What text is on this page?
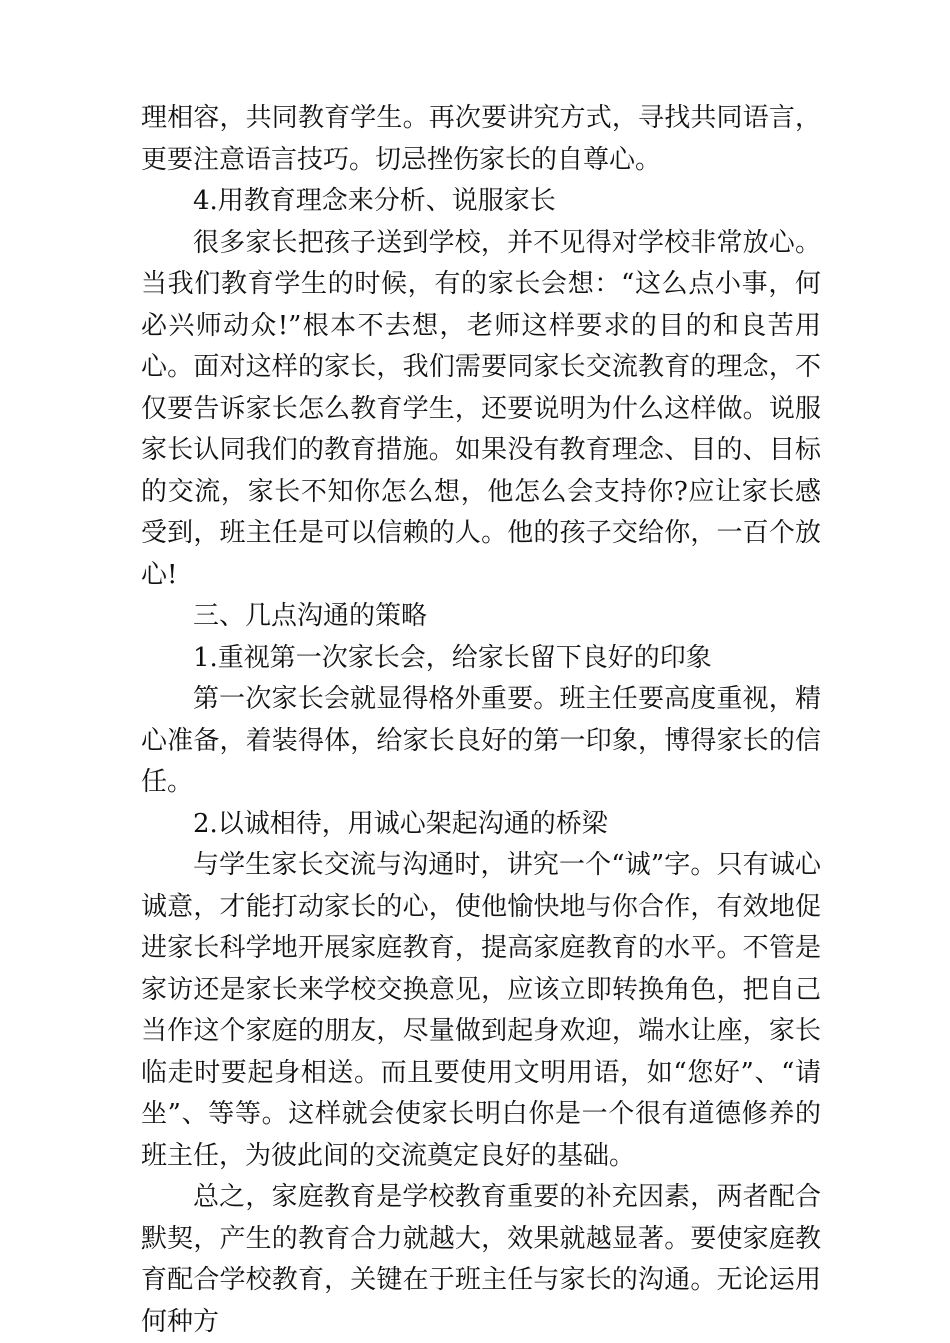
理相容，共同教育学生。再次要讲究方式，寻找共同语言，更要注意语言技巧。切忌挫伤家长的自尊心。

4.用教育理念来分析、说服家长

很多家长把孩子送到学校，并不见得对学校非常放心。当我们教育学生的时候，有的家长会想：“这么点小事，何必兴师动众!”根本不去想，老师这样要求的目的和良苦用心。面对这样的家长，我们需要同家长交流教育的理念，不仅要告诉家长怎么教育学生，还要说明为什么这样做。说服家长认同我们的教育措施。如果没有教育理念、目的、目标的交流，家长不知你怎么想，他怎么会支持你?应让家长感受到，班主任是可以信赖的人。他的孩子交给你，一百个放心!

三、几点沟通的策略

1.重视第一次家长会，给家长留下良好的印象

第一次家长会就显得格外重要。班主任要高度重视，精心准备，着装得体，给家长良好的第一印象，博得家长的信任。

2.以诚相待，用诚心架起沟通的桥梁

与学生家长交流与沟通时，讲究一个“诚”字。只有诚心诚意，才能打动家长的心，使他愉快地与你合作，有效地促进家长科学地开展家庭教育，提高家庭教育的水平。不管是家访还是家长来学校交换意见，应该立即转换角色，把自己当作这个家庭的朋友，尽量做到起身欢迎，端水让座，家长临走时要起身相送。而且要使用文明用语，如“您好”、“请坐”、等等。这样就会使家长明白你是一个很有道德修养的班主任，为彼此间的交流奠定良好的基础。

总之，家庭教育是学校教育重要的补充因素，两者配合默契，产生的教育合力就越大，效果就越显著。要使家庭教育配合学校教育，关键在于班主任与家长的沟通。无论运用何种方
